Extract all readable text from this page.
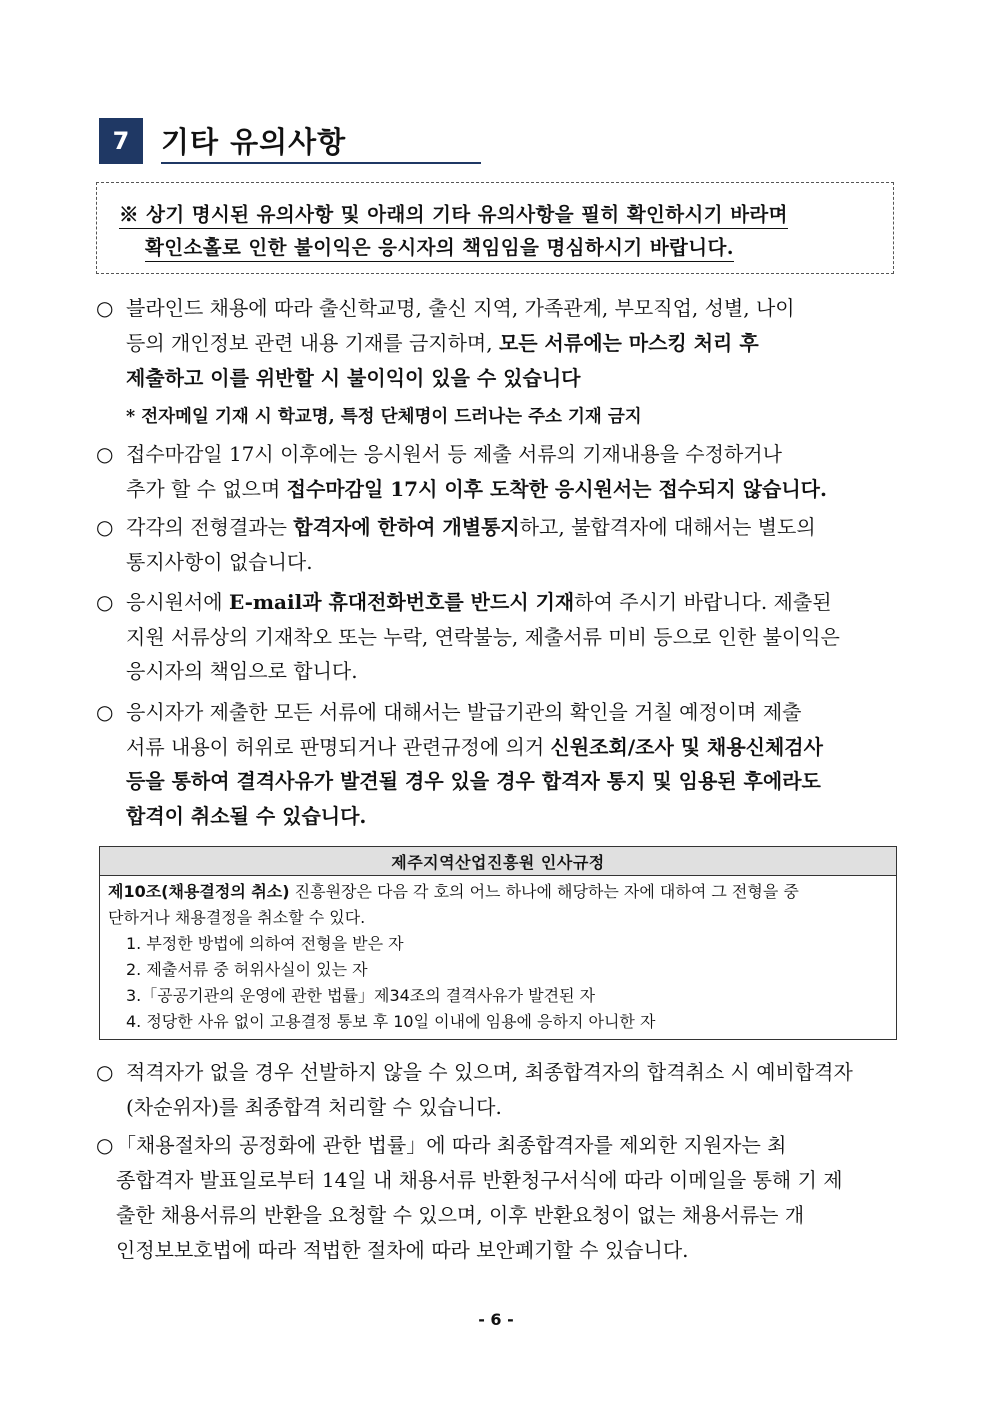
7	기타 유의사항
※ 상기 명시된 유의사항 및 아래의 기타 유의사항을 필히 확인하시기 바라며
확인소홀로 인한 불이익은 응시자의 책임임을 명심하시기 바랍니다.
○ 블라인드 채용에 따라 출신학교명, 출신 지역, 가족관계, 부모직업, 성별, 나이
등의 개인정보 관련 내용 기재를 금지하며, 모든 서류에는 마스킹 처리 후
제출하고 이를 위반할 시 불이익이 있을 수 있습니다
* 전자메일 기재 시 학교명, 특정 단체명이 드러나는 주소 기재 금지
○ 접수마감일 17시 이후에는 응시원서 등 제출 서류의 기재내용을 수정하거나
추가 할 수 없으며 접수마감일 17시 이후 도착한 응시원서는 접수되지 않습니다.
○ 각각의 전형결과는 합격자에 한하여 개별통지하고, 불합격자에 대해서는 별도의
통지사항이 없습니다.
○ 응시원서에 E-mail과 휴대전화번호를 반드시 기재하여 주시기 바랍니다. 제출된
지원 서류상의 기재착오 또는 누락, 연락불능, 제출서류 미비 등으로 인한 불이익은
응시자의 책임으로 합니다.
○ 응시자가 제출한 모든 서류에 대해서는 발급기관의 확인을 거칠 예정이며 제출
서류 내용이 허위로 판명되거나 관련규정에 의거 신원조회/조사 및 채용신체검사
등을 통하여 결격사유가 발견될 경우 있을 경우 합격자 통지 및 임용된 후에라도
합격이 취소될 수 있습니다.
제주지역산업진흥원 인사규정
제10조(채용결정의 취소) 진흥원장은 다음 각 호의 어느 하나에 해당하는 자에 대하여 그 전형을 중
단하거나 채용결정을 취소할 수 있다.
1. 부정한 방법에 의하여 전형을 받은 자
2. 제출서류 중 허위사실이 있는 자
3.「공공기관의 운영에 관한 법률」제34조의 결격사유가 발견된 자
4. 정당한 사유 없이 고용결정 통보 후 10일 이내에 임용에 응하지 아니한 자
○ 적격자가 없을 경우 선발하지 않을 수 있으며, 최종합격자의 합격취소 시 예비합격자
(차순위자)를 최종합격 처리할 수 있습니다.
○ 「채용절차의 공정화에 관한 법률」에 따라 최종합격자를 제외한 지원자는 최
종합격자 발표일로부터 14일 내 채용서류 반환청구서식에 따라 이메일을 통해 기 제
출한 채용서류의 반환을 요청할 수 있으며, 이후 반환요청이 없는 채용서류는 개
인정보보호법에 따라 적법한 절차에 따라 보안폐기할 수 있습니다.
- 6 -
